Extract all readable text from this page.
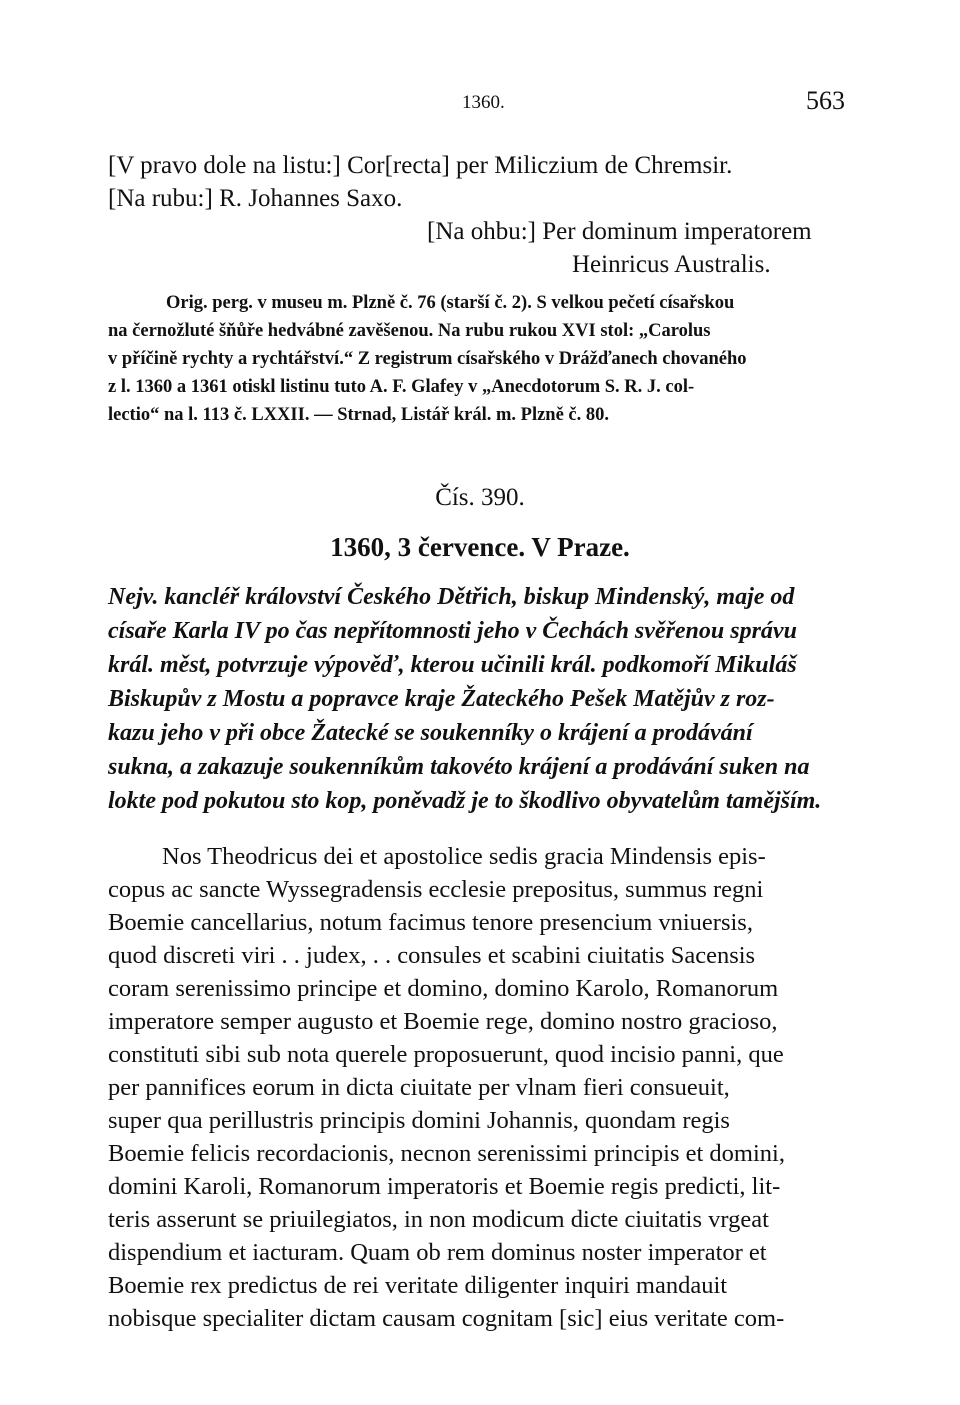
1360.	563
[V pravo dole na listu:] Cor[recta] per Miliczium de Chremsir.
[Na rubu:] R. Johannes Saxo.
[Na ohbu:] Per dominum imperatorem
Heinricus Australis.
Orig. perg. v museu m. Plzně č. 76 (starší č. 2). S velkou pečetí císařskou
na černožluté šňůře hedvábné zavěšenou. Na rubu rukou XVI stol: „Carolus
v příčině rychty a rychtářství.“ Z registrum císařského v Drážďanech chovaného
z l. 1360 a 1361 otiskl listinu tuto A. F. Glafey v „Anecdotorum S. R. J. col-
lectio“ na l. 113 č. LXXII. — Strnad, Listář král. m. Plzně č. 80.
Čís. 390.
1360, 3 července. V Praze.
Nejv. kancléř království Českého Dětřich, biskup Mindenský, maje od
císaře Karla IV po čas nepřítomnosti jeho v Čechách svěřenou správu
král. měst, potvrzuje výpověď, kterou učinili král. podkomoří Mikuláš
Biskupův z Mostu a popravce kraje Žateckého Pešek Matějův z roz-
kazu jeho v při obce Žatecké se soukenníky o krájení a prodávání
sukna, a zakazuje soukenníkům takovéto krájení a prodávání suken na
lokte pod pokutou sto kop, poněvadž je to škodlivo obyvatelům tamějším.
Nos Theodricus dei et apostolice sedis gracia Mindensis epis-
copus ac sancte Wyssegradensis ecclesie prepositus, summus regni
Boemie cancellarius, notum facimus tenore presencium vniuersis,
quod discreti viri . . judex, . . consules et scabini ciuitatis Sacensis
coram serenissimo principe et domino, domino Karolo, Romanorum
imperatore semper augusto et Boemie rege, domino nostro gracioso,
constituti sibi sub nota querele proposuerunt, quod incisio panni, que
per pannifices eorum in dicta ciuitate per vlnam fieri consueuit,
super qua perillustris principis domini Johannis, quondam regis
Boemie felicis recordacionis, necnon serenissimi principis et domini,
domini Karoli, Romanorum imperatoris et Boemie regis predicti, lit-
teris asserunt se priuilegiatos, in non modicum dicte ciuitatis vrgeat
dispendium et iacturam. Quam ob rem dominus noster imperator et
Boemie rex predictus de rei veritate diligenter inquiri mandauit
nobisque specialiter dictam causam cognitam [sic] eius veritate com-
